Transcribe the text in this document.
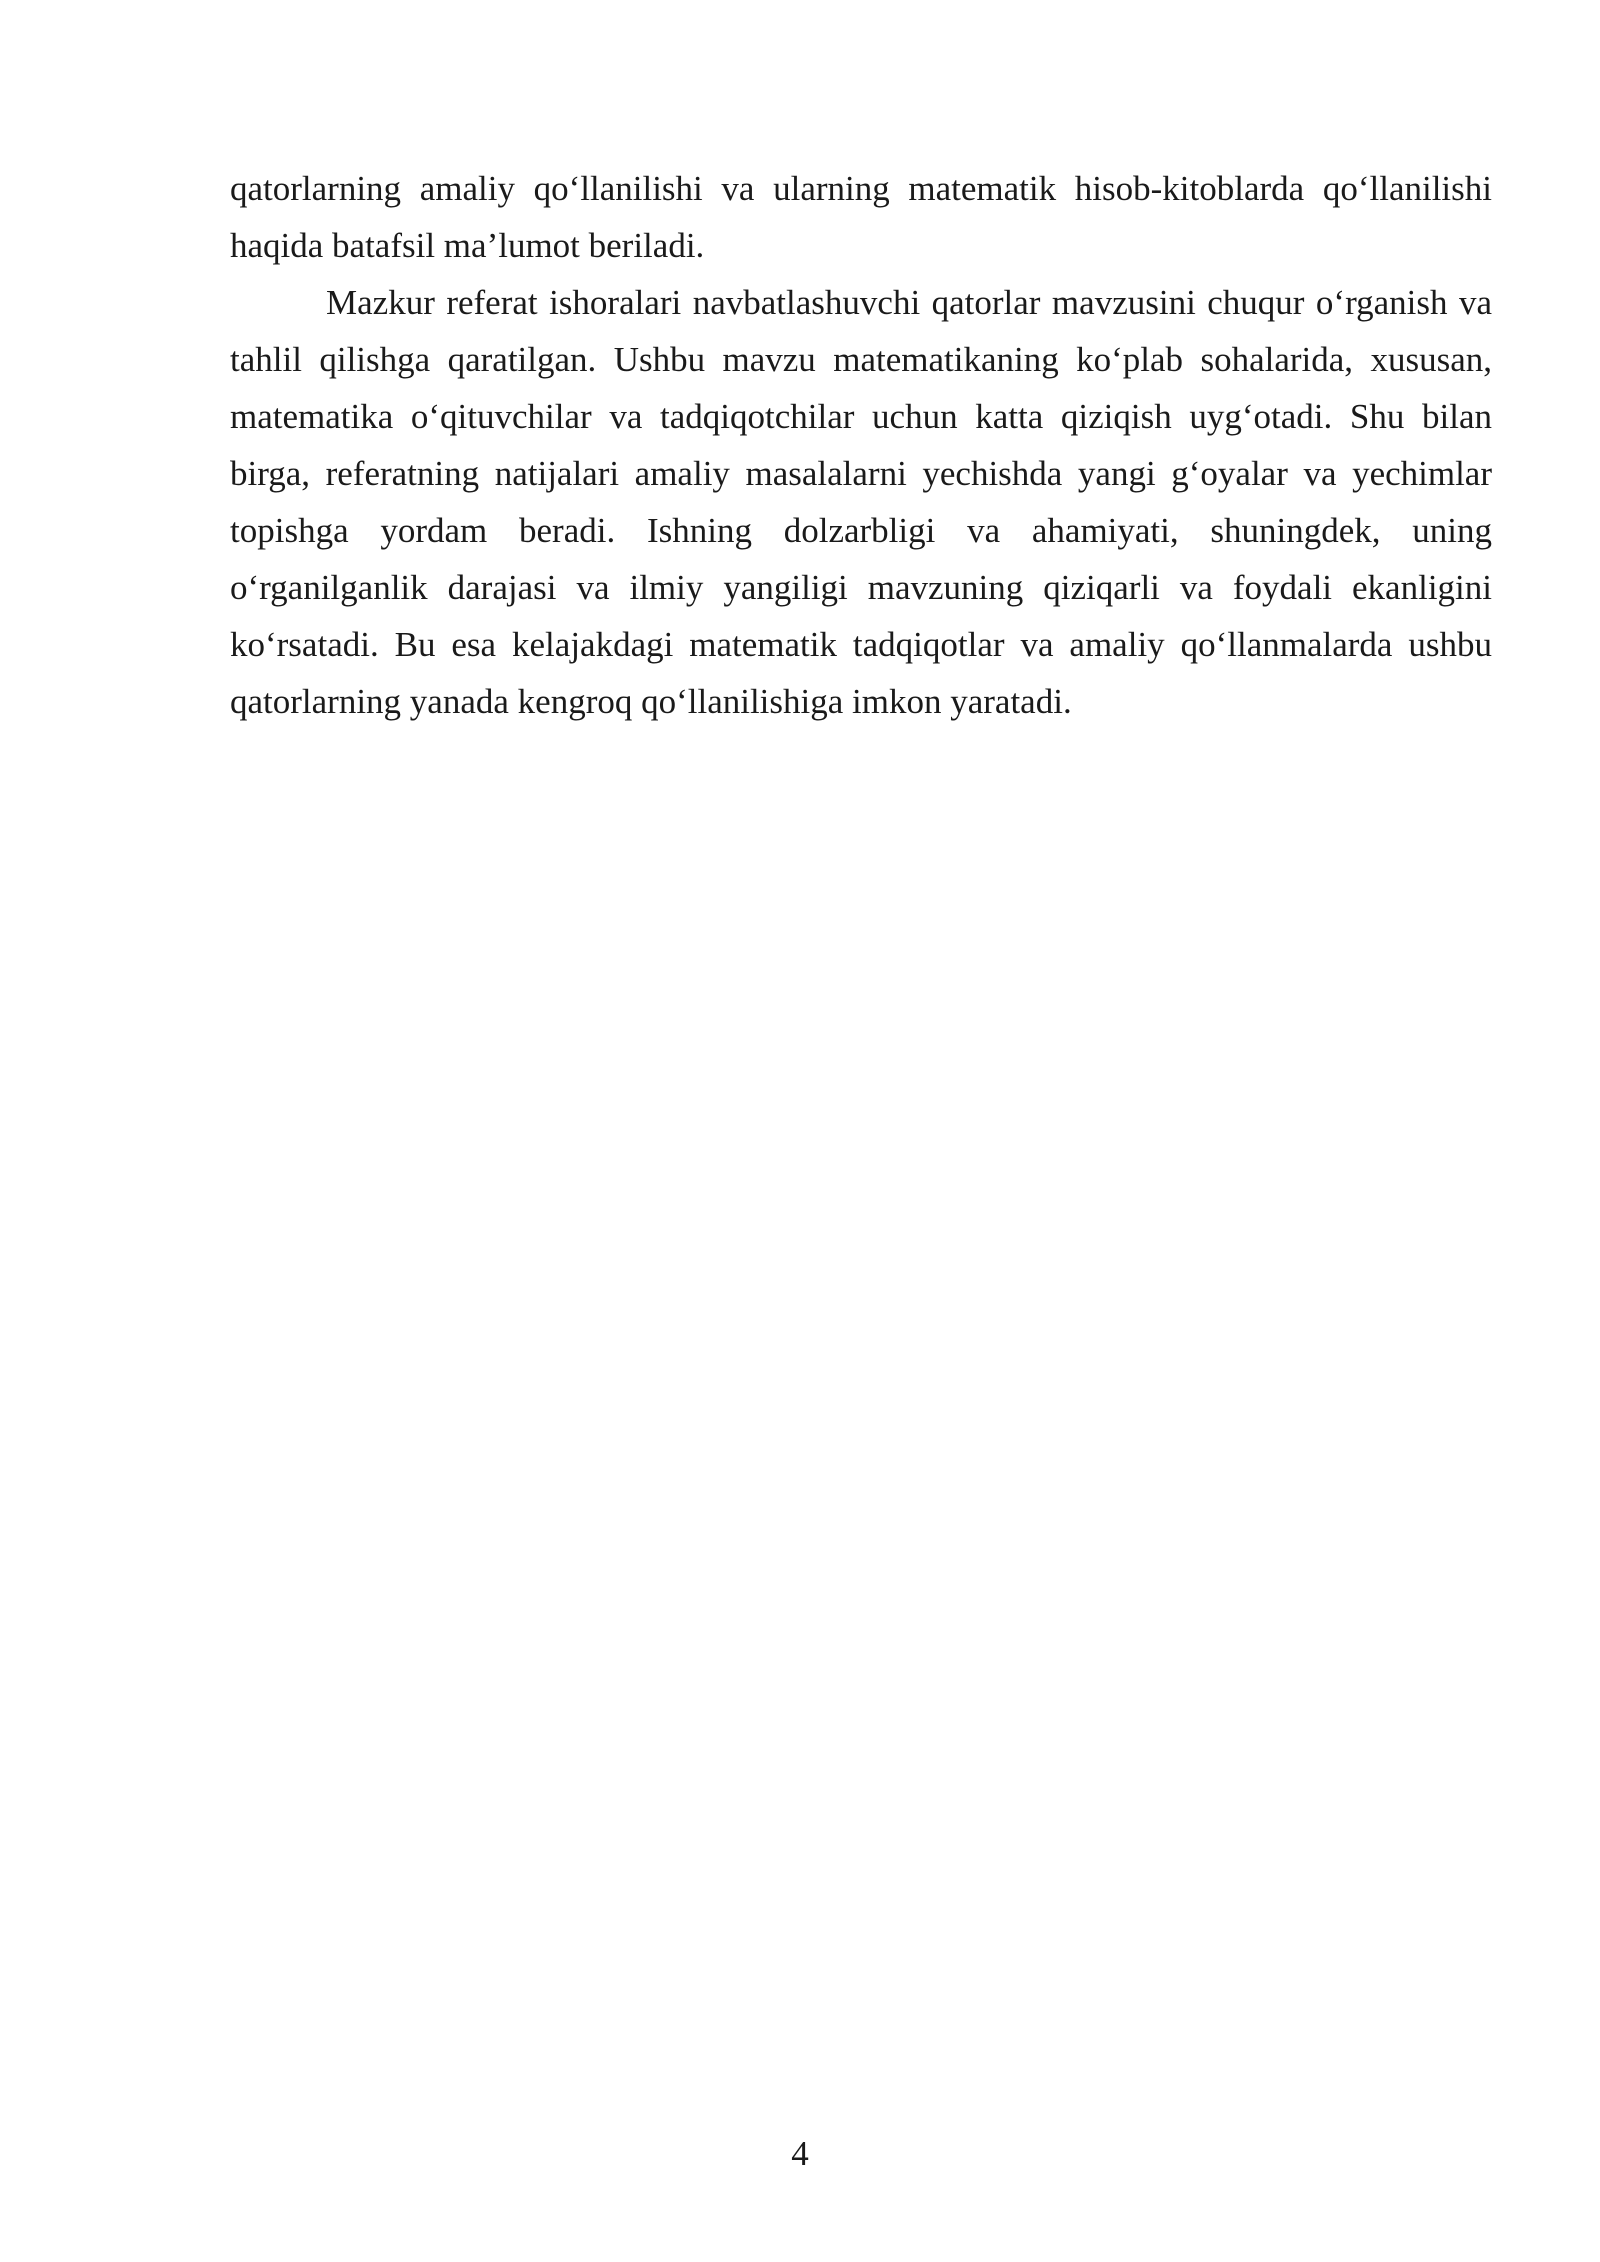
qatorlarning amaliy qo‘llanilishi va ularning matematik hisob-kitoblarda qo‘llanilishi haqida batafsil ma’lumot beriladi.

Mazkur referat ishoralari navbatlashuvchi qatorlar mavzusini chuqur o‘rganish va tahlil qilishga qaratilgan. Ushbu mavzu matematikaning ko‘plab sohalarida, xususan, matematika o‘qituvchilar va tadqiqotchilar uchun katta qiziqish uyg‘otadi. Shu bilan birga, referatning natijalari amaliy masalalarni yechishda yangi g‘oyalar va yechimlar topishga yordam beradi. Ishning dolzarbligi va ahamiyati, shuningdek, uning o‘rganilganlik darajasi va ilmiy yangiligi mavzuning qiziqarli va foydali ekanligini ko‘rsatadi. Bu esa kelajakdagi matematik tadqiqotlar va amaliy qo‘llanmalarda ushbu qatorlarning yanada kengroq qo‘llanilishiga imkon yaratadi.

4
